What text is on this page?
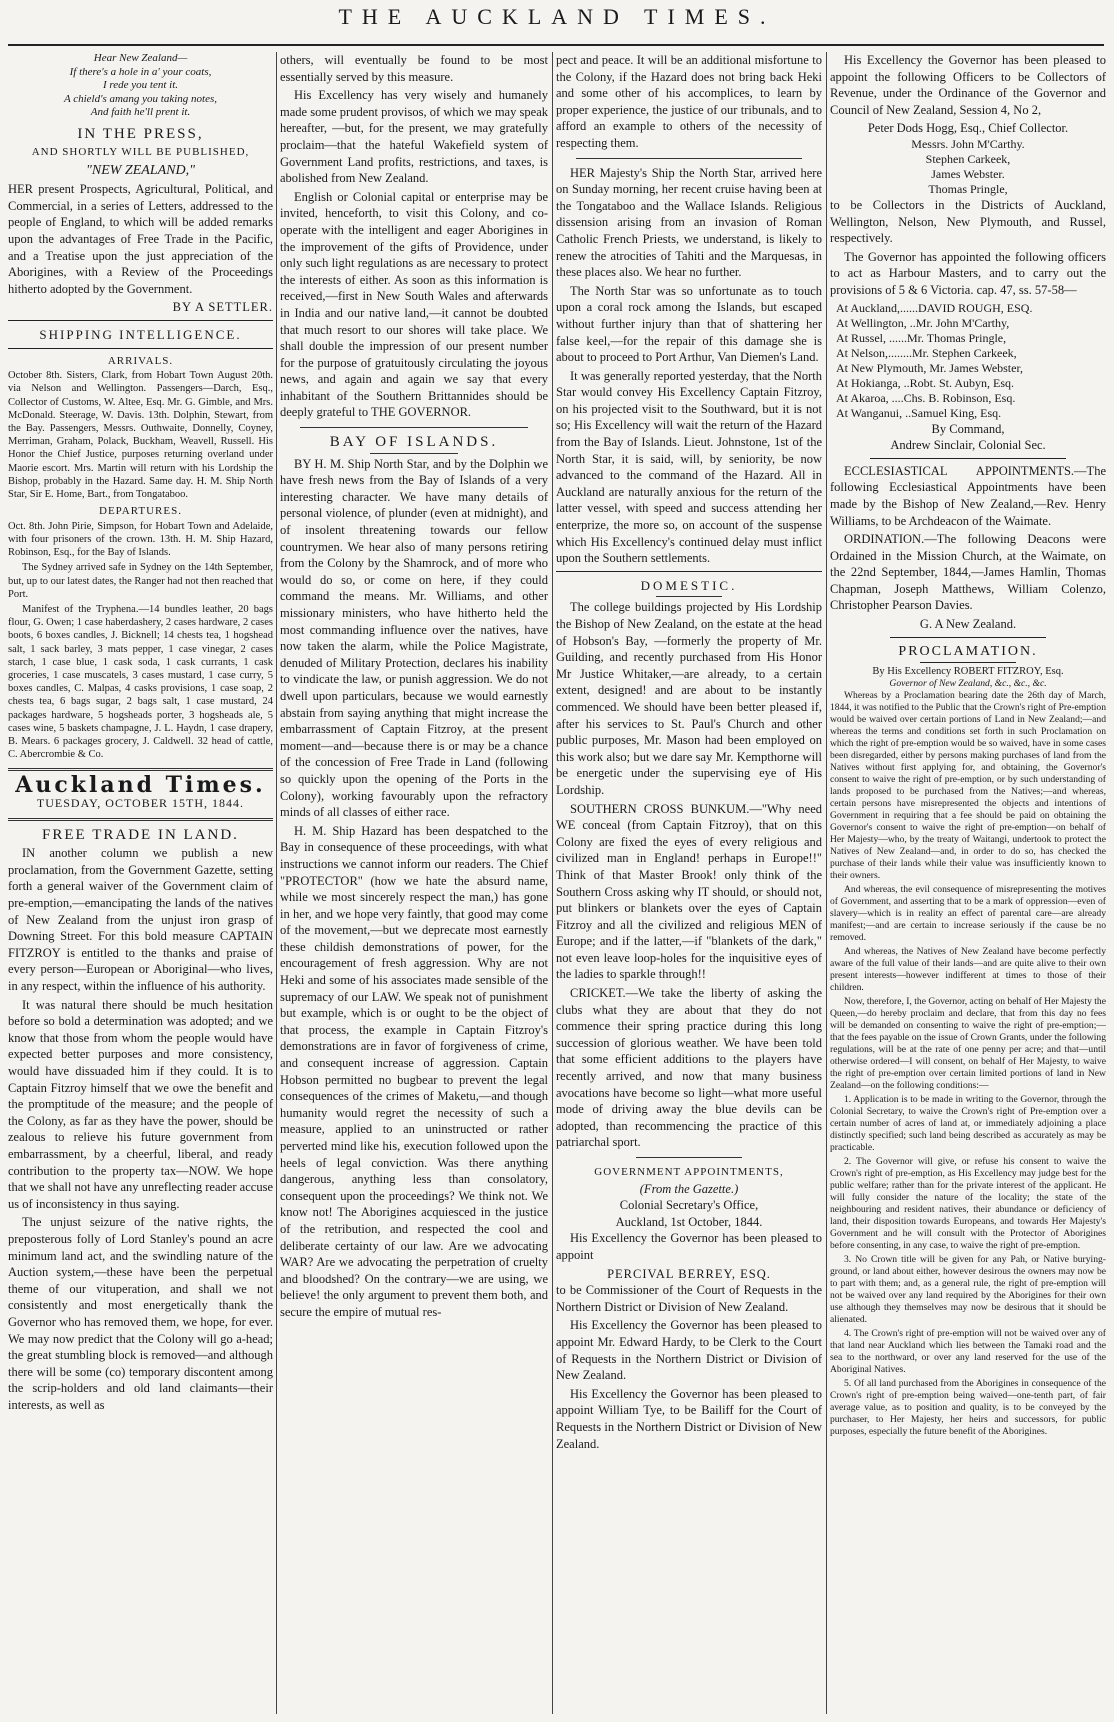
THE AUCKLAND TIMES.
Hear New Zealand—
If there's a hole in a' your coats,
I rede you tent it.
A chield's amang you taking notes,
And faith he'll prent it.
IN THE PRESS,
AND SHORTLY WILL BE PUBLISHED,
"NEW ZEALAND,"

HER present Prospects, Agricultural, Political, and Commercial, in a series of Letters, addressed to the people of England, to which will be added remarks upon the advantages of Free Trade in the Pacific, and a Treatise upon the just appreciation of the Aborigines, with a Review of the Proceedings hitherto adopted by the Government.

BY A SETTLER.
SHIPPING INTELLIGENCE.
ARRIVALS.

October 8th. Sisters, Clark, from Hobart Town August 20th. via Nelson and Wellington. Passengers—Darch, Esq., Collector of Customs, W. Altee, Esq. Mr. G. Gimble, and Mrs. McDonald. Steerage, W. Davis. 13th. Dolphin, Stewart, from the Bay. Passengers, Messrs. Outhwaite, Donnelly, Coyney, Merriman, Graham, Polack, Buckham, Weavell, Russell. His Honor the Chief Justice, purposes returning overland under Maorie escort. Mrs. Martin will return with his Lordship the Bishop, probably in the Hazard. Same day. H. M. Ship North Star, Sir E. Home, Bart., from Tongataboo.

DEPARTURES.

Oct. 8th. John Pirie, Simpson, for Hobart Town and Adelaide, with four prisoners of the crown. 13th. H. M. Ship Hazard, Robinson, Esq., for the Bay of Islands.

The Sydney arrived safe in Sydney on the 14th September, but, up to our latest dates, the Ranger had not then reached that Port.

Manifest of the Tryphena.—14 bundles leather, 20 bags flour, G. Owen; 1 case haberdashery, 2 cases hardware, 2 cases boots, 6 boxes candles, J. Bicknell; 14 chests tea, 1 hogshead salt, 1 sack barley, 3 mats pepper, 1 case vinegar, 2 cases starch, 1 case blue, 1 cask soda, 1 cask currants, 1 cask groceries, 1 case muscatels, 3 cases mustard, 1 case curry, 5 boxes candles, C. Malpas, 4 casks provisions, 1 case soap, 2 chests tea, 6 bags sugar, 2 bags salt, 1 case mustard, 24 packages hardware, 5 hogsheads porter, 3 hogsheads ale, 5 cases wine, 5 baskets champagne, J. L. Haydn, 1 case drapery, B. Mears. 6 packages grocery, J. Caldwell. 32 head of cattle, C. Abercrombie & Co.

Auckland Times.
TUESDAY, OCTOBER 15TH, 1844.
FREE TRADE IN LAND.

IN another column we publish a new proclamation, from the Government Gazette, setting forth a general waiver of the Government claim of pre-emption,—emancipating the lands of the natives of New Zealand from the unjust iron grasp of Downing Street. For this bold measure CAPTAIN FITZROY is entitled to the thanks and praise of every person—European or Aboriginal—who lives, in any respect, within the influence of his authority.

It was natural there should be much hesitation before so bold a determination was adopted; and we know that those from whom the people would have expected better purposes and more consistency, would have dissuaded him if they could. It is to Captain Fitzroy himself that we owe the benefit and the promptitude of the measure; and the people of the Colony, as far as they have the power, should be zealous to relieve his future government from embarrassment, by a cheerful, liberal, and ready contribution to the property tax—NOW. We hope that we shall not have any unreflecting reader accuse us of inconsistency in thus saying.

The unjust seizure of the native rights, the preposterous folly of Lord Stanley's pound an acre minimum land act, and the swindling nature of the Auction system,—these have been the perpetual theme of our vituperation, and shall we not consistently and most energetically thank the Governor who has removed them, we hope, for ever. We may now predict that the Colony will go a-head; the great stumbling block is removed—and although there will be some (co) temporary discontent among the scrip-holders and old land claimants—their interests, as well as

others, will eventually be found to be most essentially served by this measure.

His Excellency has very wisely and humanely made some prudent provisos, of which we may speak hereafter, —but, for the present, we may gratefully proclaim—that the hateful Wakefield system of Government Land profits, restrictions, and taxes, is abolished from New Zealand.

English or Colonial capital or enterprise may be invited, henceforth, to visit this Colony, and co-operate with the intelligent and eager Aborigines in the improvement of the gifts of Providence, under only such light regulations as are necessary to protect the interests of either. As soon as this information is received,—first in New South Wales and afterwards in India and our native land,—it cannot be doubted that much resort to our shores will take place. We shall double the impression of our present number for the purpose of gratuitously circulating the joyous news, and again and again we say that every inhabitant of the Southern Brittannides should be deeply grateful to THE GOVERNOR.

BAY OF ISLANDS.

BY H. M. Ship North Star, and by the Dolphin we have fresh news from the Bay of Islands of a very interesting character. We have many details of personal violence, of plunder (even at midnight), and of insolent threatening towards our fellow countrymen. We hear also of many persons retiring from the Colony by the Shamrock, and of more who would do so, or come on here, if they could command the means. Mr. Williams, and other missionary ministers, who have hitherto held the most commanding influence over the natives, have now taken the alarm, while the Police Magistrate, denuded of Military Protection, declares his inability to vindicate the law, or punish aggression. We do not dwell upon particulars, because we would earnestly abstain from saying anything that might increase the embarrassment of Captain Fitzroy, at the present moment—and—because there is or may be a chance of the concession of Free Trade in Land (following so quickly upon the opening of the Ports in the Colony), working favourably upon the refractory minds of all classes of either race.

H. M. Ship Hazard has been despatched to the Bay in consequence of these proceedings, with what instructions we cannot inform our readers. The Chief "PROTECTOR" (how we hate the absurd name, while we most sincerely respect the man,) has gone in her, and we hope very faintly, that good may come of the movement,—but we deprecate most earnestly these childish demonstrations of power, for the encouragement of fresh aggression. Why are not Heki and some of his associates made sensible of the supremacy of our LAW. We speak not of punishment but example, which is or ought to be the object of that process, the example in Captain Fitzroy's demonstrations are in favor of forgiveness of crime, and consequent increase of aggression. Captain Hobson permitted no bugbear to prevent the legal consequences of the crimes of Maketu,—and though humanity would regret the necessity of such a measure, applied to an uninstructed or rather perverted mind like his, execution followed upon the heels of legal conviction. Was there anything dangerous, anything less than consolatory, consequent upon the proceedings? We think not. We know not! The Aborigines acquiesced in the justice of the retribution, and respected the cool and deliberate certainty of our law. Are we advocating WAR? Are we advocating the perpetration of cruelty and bloodshed? On the contrary—we are using, we believe! the only argument to prevent them both, and secure the empire of mutual res-

pect and peace. It will be an additional misfortune to the Colony, if the Hazard does not bring back Heki and some other of his accomplices, to learn by proper experience, the justice of our tribunals, and to afford an example to others of the necessity of respecting them.

HER Majesty's Ship the North Star, arrived here on Sunday morning, her recent cruise having been at the Tongataboo and the Wallace Islands. Religious dissension arising from an invasion of Roman Catholic French Priests, we understand, is likely to renew the atrocities of Tahiti and the Marquesas, in these places also. We hear no further.

The North Star was so unfortunate as to touch upon a coral rock among the Islands, but escaped without further injury than that of shattering her false keel,—for the repair of this damage she is about to proceed to Port Arthur, Van Diemen's Land.

It was generally reported yesterday, that the North Star would convey His Excellency Captain Fitzroy, on his projected visit to the Southward, but it is not so; His Excellency will wait the return of the Hazard from the Bay of Islands. Lieut. Johnstone, 1st of the North Star, it is said, will, by seniority, be now advanced to the command of the Hazard. All in Auckland are naturally anxious for the return of the latter vessel, with speed and success attending her enterprize, the more so, on account of the suspense which His Excellency's continued delay must inflict upon the Southern settlements.

DOMESTIC.

The college buildings projected by His Lordship the Bishop of New Zealand, on the estate at the head of Hobson's Bay, —formerly the property of Mr. Guilding, and recently purchased from His Honor Mr Justice Whitaker,—are already, to a certain extent, designed! and are about to be instantly commenced. We should have been better pleased if, after his services to St. Paul's Church and other public purposes, Mr. Mason had been employed on this work also; but we dare say Mr. Kempthorne will be energetic under the supervising eye of His Lordship.

SOUTHERN CROSS BUNKUM.—"Why need WE conceal (from Captain Fitzroy), that on this Colony are fixed the eyes of every religious and civilized man in England! perhaps in Europe!!" Think of that Master Brook! only think of the Southern Cross asking why IT should, or should not, put blinkers or blankets over the eyes of Captain Fitzroy and all the civilized and religious MEN of Europe; and if the latter,—if "blankets of the dark," not even leave loop-holes for the inquisitive eyes of the ladies to sparkle through!!

CRICKET.—We take the liberty of asking the clubs what they are about that they do not commence their spring practice during this long succession of glorious weather. We have been told that some efficient additions to the players have recently arrived, and now that many business avocations have become so light—what more useful mode of driving away the blue devils can be adopted, than recommencing the practice of this patriarchal sport.

GOVERNMENT APPOINTMENTS,
(From the Gazette.)
Colonial Secretary's Office,
Auckland, 1st October, 1844.

His Excellency the Governor has been pleased to appoint

PERCIVAL BERREY, ESQ.

to be Commissioner of the Court of Requests in the Northern District or Division of New Zealand.

His Excellency the Governor has been pleased to appoint Mr. Edward Hardy, to be Clerk to the Court of Requests in the Northern District or Division of New Zealand.

His Excellency the Governor has been pleased to appoint William Tye, to be Bailiff for the Court of Requests in the Northern District or Division of New Zealand.

His Excellency the Governor has been pleased to appoint the following Officers to be Collectors of Revenue, under the Ordinance of the Governor and Council of New Zealand, Session 4, No 2,

Peter Dods Hogg, Esq., Chief Collector.
Messrs. John M'Carthy.
Stephen Carkeek,
James Webster.
Thomas Pringle,

to be Collectors in the Districts of Auckland, Wellington, Nelson, New Plymouth, and Russel, respectively.

The Governor has appointed the following officers to act as Harbour Masters, and to carry out the provisions of 5 & 6 Victoria. cap. 47, ss. 57-58—

At Auckland,......DAVID ROUGH, ESQ.
At Wellington, ..Mr. John M'Carthy,
At Russel, ......Mr. Thomas Pringle,
At Nelson,........Mr. Stephen Carkeek,
At New Plymouth, Mr. James Webster,
At Hokianga, ..Robt. St. Aubyn, Esq.
At Akaroa, ....Chs. B. Robinson, Esq.
At Wanganui, ..Samuel King, Esq.
By Command,
Andrew Sinclair, Colonial Sec.

ECCLESIASTICAL APPOINTMENTS.—The following Ecclesiastical Appointments have been made by the Bishop of New Zealand,—Rev. Henry Williams, to be Archdeacon of the Waimate.

ORDINATION.—The following Deacons were Ordained in the Mission Church, at the Waimate, on the 22nd September, 1844,—James Hamlin, Thomas Chapman, Joseph Matthews, William Colenzo, Christopher Pearson Davies.

G. A New Zealand.
PROCLAMATION.
By His Excellency ROBERT FITZROY, Esq.
Governor of New Zealand, &c., &c., &c.

Whereas by a Proclamation bearing date the 26th day of March, 1844, it was notified to the Public that the Crown's right of Pre-emption would be waived over certain portions of Land in New Zealand;—and whereas the terms and conditions set forth in such Proclamation on which the right of pre-emption would be so waived, have in some cases been disregarded, either by persons making purchases of land from the Natives without first applying for, and obtaining, the Governor's consent to waive the right of pre-emption, or by such understanding of lands proposed to be purchased from the Natives;—and whereas, certain persons have misrepresented the objects and intentions of Government in requiring that a fee should be paid on obtaining the Governor's consent to waive the right of pre-emption—on behalf of Her Majesty—who, by the treaty of Waitangi, undertook to protect the Natives of New Zealand—and, in order to do so, has checked the purchase of their lands while their value was insufficiently known to their owners.

And whereas, the evil consequence of misrepresenting the motives of Government, and asserting that to be a mark of oppression—even of slavery—which is in reality an effect of parental care—are already manifest;—and are certain to increase seriously if the cause be no removed.

And whereas, the Natives of New Zealand have become perfectly aware of the full value of their lands—and are quite alive to their own present interests—however indifferent at times to those of their children.

Now, therefore, I, the Governor, acting on behalf of Her Majesty the Queen,—do hereby proclaim and declare, that from this day no fees will be demanded on consenting to waive the right of pre-emption;—that the fees payable on the issue of Crown Grants, under the following regulations, will be at the rate of one penny per acre; and that—until otherwise ordered—I will consent, on behalf of Her Majesty, to waive the right of pre-emption over certain limited portions of land in New Zealand—on the following conditions:—

1. Application is to be made in writing to the Governor, through the Colonial Secretary, to waive the Crown's right of Pre-emption over a certain number of acres of land at, or immediately adjoining a place distinctly specified; such land being described as accurately as may be practicable.

2. The Governor will give, or refuse his consent to waive the Crown's right of pre-emption, as His Excellency may judge best for the public welfare; rather than for the private interest of the applicant. He will fully consider the nature of the locality; the state of the neighbouring and resident natives, their abundance or deficiency of land, their disposition towards Europeans, and towards Her Majesty's Government and he will consult with the Protector of Aborigines before consenting, in any case, to waive the right of pre-emption.

3. No Crown title will be given for any Pah, or Native burying-ground, or land about either, however desirous the owners may now be to part with them; and, as a general rule, the right of pre-emption will not be waived over any land required by the Aborigines for their own use although they themselves may now be desirous that it should be alienated.

4. The Crown's right of pre-emption will not be waived over any of that land near Auckland which lies between the Tamaki road and the sea to the northward, or over any land reserved for the use of the Aboriginal Natives.

5. Of all land purchased from the Aborigines in consequence of the Crown's right of pre-emption being waived—one-tenth part, of fair average value, as to position and quality, is to be conveyed by the purchaser, to Her Majesty, her heirs and successors, for public purposes, especially the future benefit of the Aborigines.
